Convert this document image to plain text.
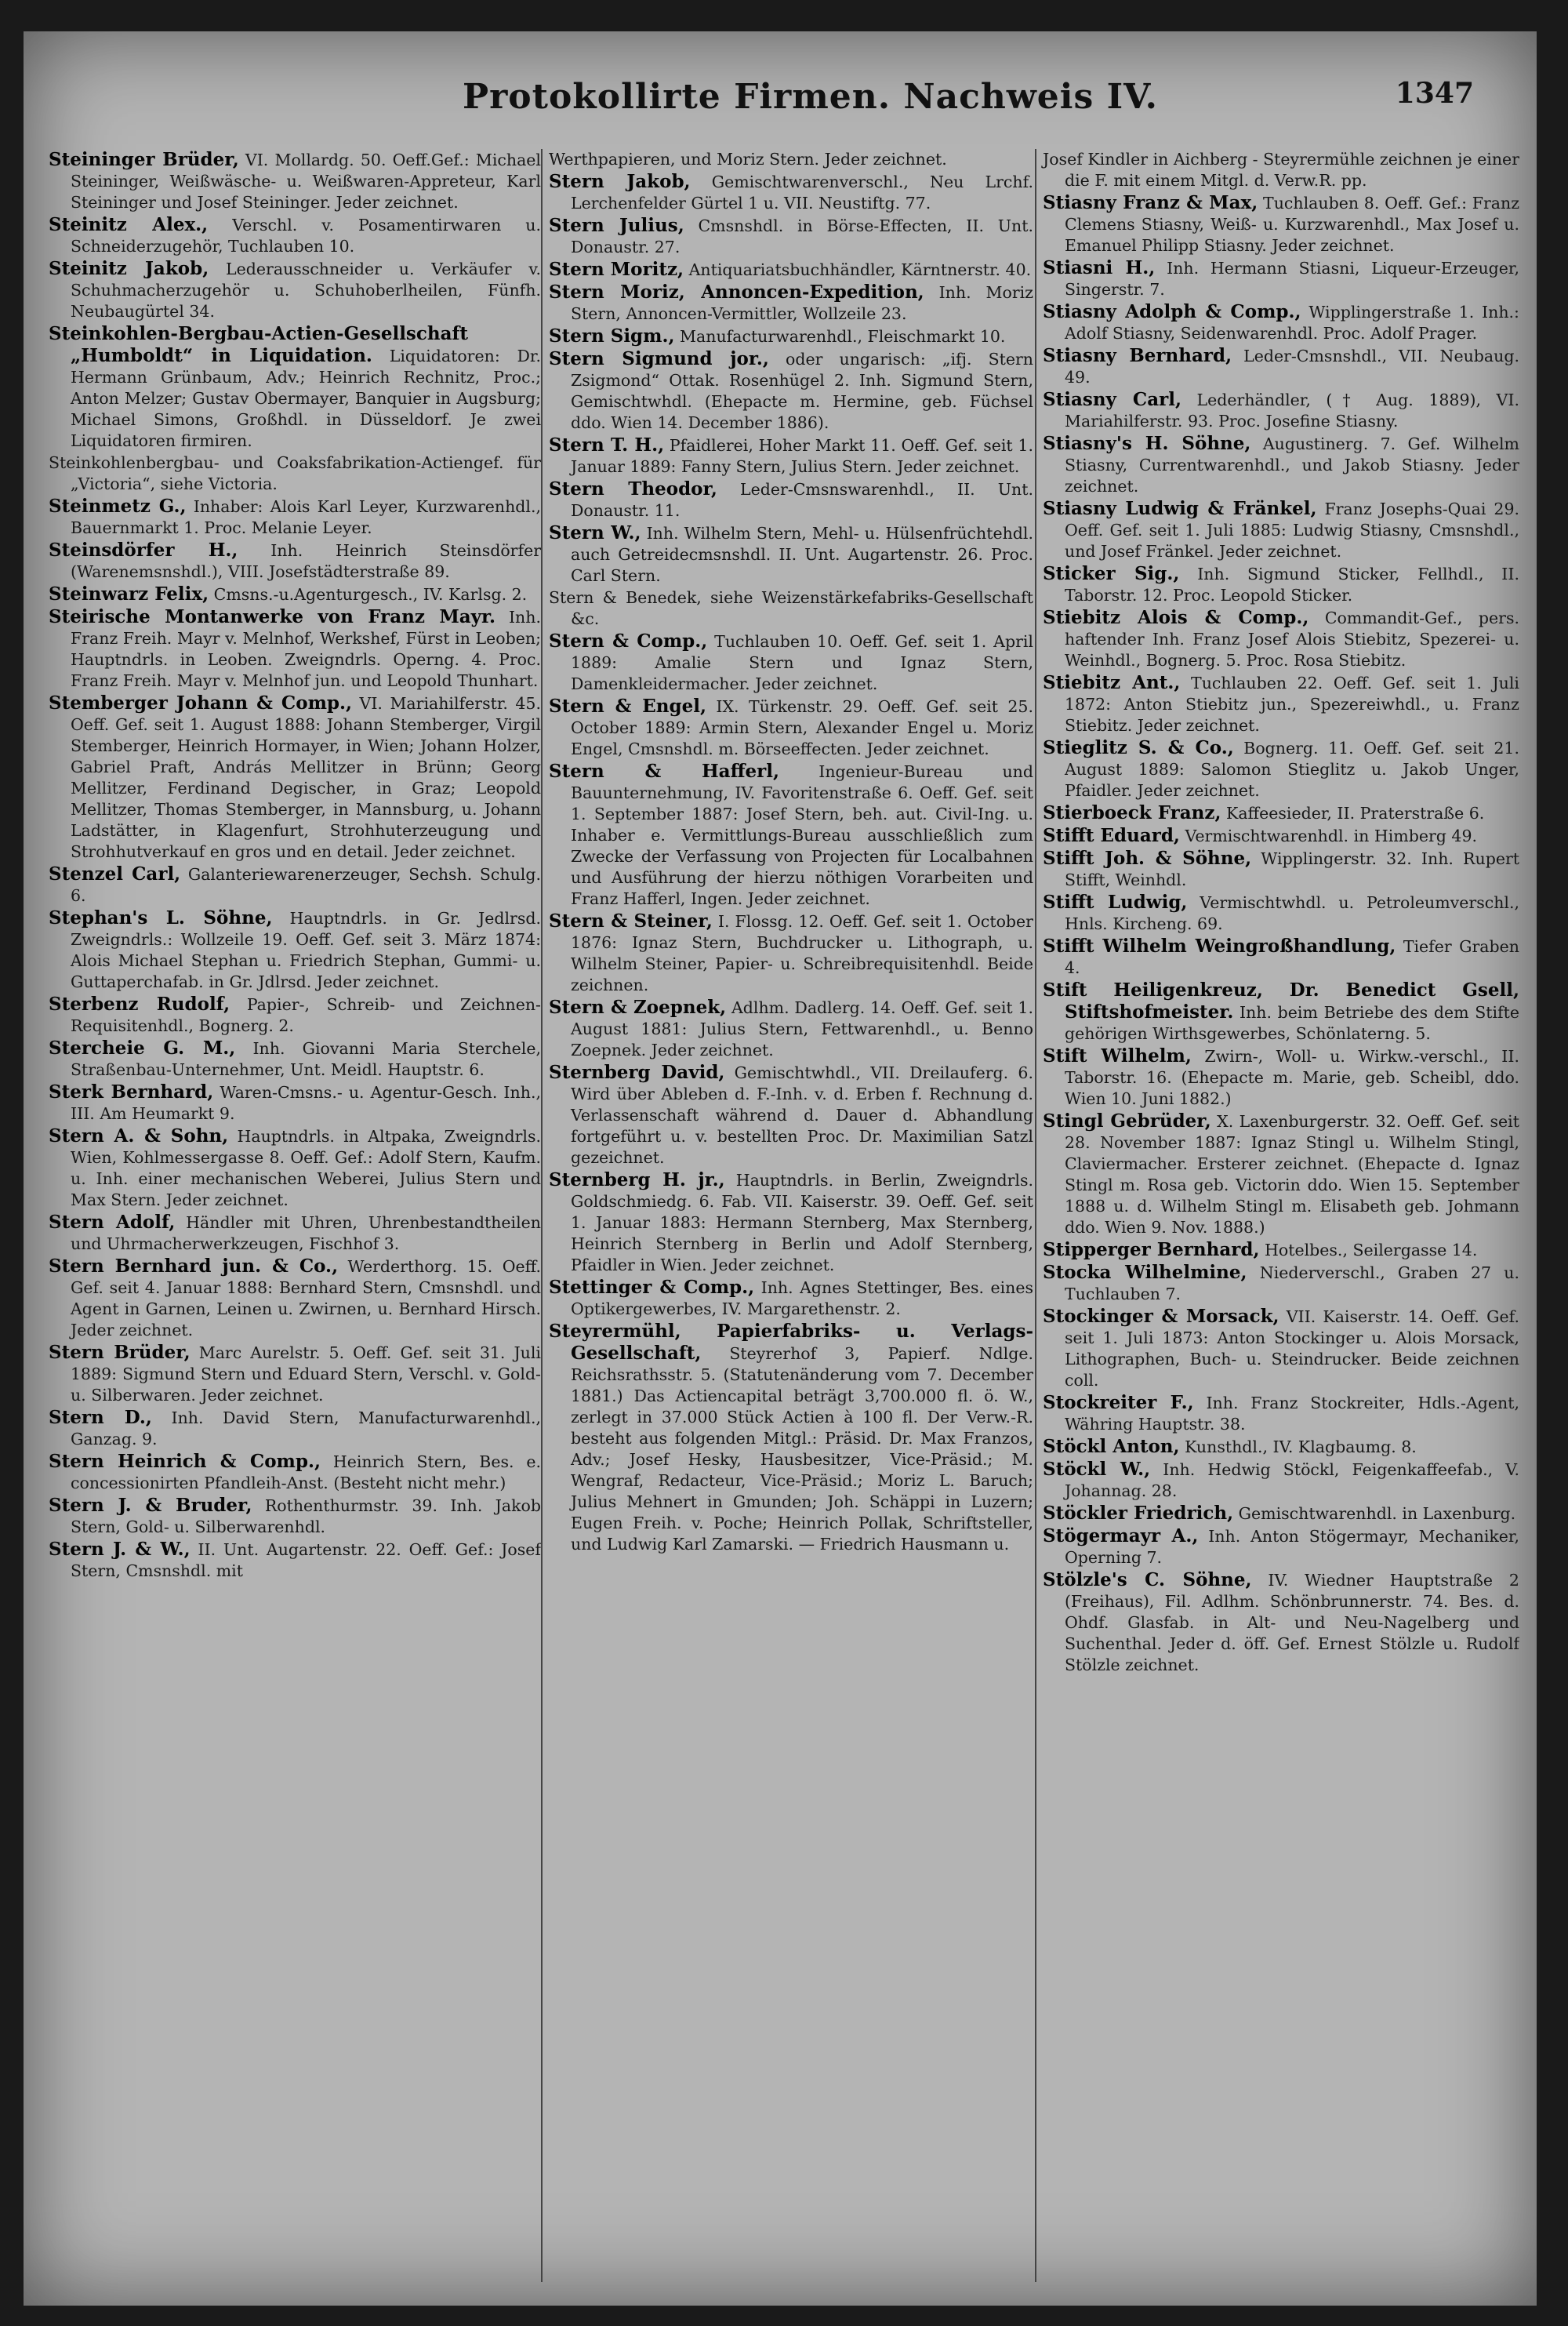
Protokollirte Firmen. Nachweis IV.	1347

Steininger Brüder, VI. Mollardg. 50. Oeff.Gef.: Michael Steininger, Weißwäsche- u. Weißwaren-Appreteur, Karl Steininger und Josef Steininger. Jeder zeichnet.

Steinitz Alex., Verschl. v. Posamentirwaren u. Schneiderzugehör, Tuchlauben 10.

Steinitz Jakob, Lederausschneider u. Verkäufer v. Schuhmacherzugehör u. Schuhoberlheilen, Fünfh. Neubaugürtel 34.

Steinkohlen-Bergbau-Actien-Gesellschaft „Humboldt“ in Liquidation. Liquidatoren: Dr. Hermann Grünbaum, Adv.; Heinrich Rechnitz, Proc.; Anton Melzer; Gustav Obermayer, Banquier in Augsburg; Michael Simons, Großhdl. in Düsseldorf. Je zwei Liquidatoren firmiren.

Steinkohlenbergbau- und Coaksfabrikation-Actiengef. für „Victoria“, siehe Victoria.

Steinmetz G., Inhaber: Alois Karl Leyer, Kurzwarenhdl., Bauernmarkt 1. Proc. Melanie Leyer.

Steinsdörfer H., Inh. Heinrich Steinsdörfer (Warenemsnshdl.), VIII. Josefstädterstraße 89.

Steinwarz Felix, Cmsns.-u.Agenturgesch., IV. Karlsg. 2.

Steirische Montanwerke von Franz Mayr. Inh. Franz Freih. Mayr v. Melnhof, Werkshef, Fürst in Leoben; Hauptndrls. in Leoben. Zweigndrls. Operng. 4. Proc. Franz Freih. Mayr v. Melnhof jun. und Leopold Thunhart.

Stemberger Johann & Comp., VI. Mariahilferstr. 45. Oeff. Gef. seit 1. August 1888: Johann Stemberger, Virgil Stemberger, Heinrich Hormayer, in Wien; Johann Holzer, Gabriel Praft, András Mellitzer in Brünn; Georg Mellitzer, Ferdinand Degischer, in Graz; Leopold Mellitzer, Thomas Stemberger, in Mannsburg, u. Johann Ladstätter, in Klagenfurt, Strohhuterzeugung und Strohhutverkauf en gros und en detail. Jeder zeichnet.

Stenzel Carl, Galanteriewarenerzeuger, Sechsh. Schulg. 6.

Stephan's L. Söhne, Hauptndrls. in Gr. Jedlrsd. Zweigndrls.: Wollzeile 19. Oeff. Gef. seit 3. März 1874: Alois Michael Stephan u. Friedrich Stephan, Gummi- u. Guttaperchafab. in Gr. Jdlrsd. Jeder zeichnet.

Sterbenz Rudolf, Papier-, Schreib- und Zeichnen-Requisitenhdl., Bognerg. 2.

Stercheie G. M., Inh. Giovanni Maria Sterchele, Straßenbau-Unternehmer, Unt. Meidl. Hauptstr. 6.

Sterk Bernhard, Waren-Cmsns.- u. Agentur-Gesch. Inh., III. Am Heumarkt 9.

Stern A. & Sohn, Hauptndrls. in Altpaka, Zweigndrls. Wien, Kohlmessergasse 8. Oeff. Gef.: Adolf Stern, Kaufm. u. Inh. einer mechanischen Weberei, Julius Stern und Max Stern. Jeder zeichnet.

Stern Adolf, Händler mit Uhren, Uhrenbestandtheilen und Uhrmacherwerkzeugen, Fischhof 3.

Stern Bernhard jun. & Co., Werderthorg. 15. Oeff. Gef. seit 4. Januar 1888: Bernhard Stern, Cmsnshdl. und Agent in Garnen, Leinen u. Zwirnen, u. Bernhard Hirsch. Jeder zeichnet.

Stern Brüder, Marc Aurelstr. 5. Oeff. Gef. seit 31. Juli 1889: Sigmund Stern und Eduard Stern, Verschl. v. Gold- u. Silberwaren. Jeder zeichnet.

Stern D., Inh. David Stern, Manufacturwarenhdl., Ganzag. 9.

Stern Heinrich & Comp., Heinrich Stern, Bes. e. concessionirten Pfandleih-Anst. (Besteht nicht mehr.)

Stern J. & Bruder, Rothenthurmstr. 39. Inh. Jakob Stern, Gold- u. Silberwarenhdl.

Stern J. & W., II. Unt. Augartenstr. 22. Oeff. Gef.: Josef Stern, Cmsnshdl. mit

Werthpapieren, und Moriz Stern. Jeder zeichnet.

Stern Jakob, Gemischtwarenverschl., Neu Lrchf. Lerchenfelder Gürtel 1 u. VII. Neustiftg. 77.

Stern Julius, Cmsnshdl. in Börse-Effecten, II. Unt. Donaustr. 27.

Stern Moritz, Antiquariatsbuchhändler, Kärntnerstr. 40.

Stern Moriz, Annoncen-Expedition, Inh. Moriz Stern, Annoncen-Vermittler, Wollzeile 23.

Stern Sigm., Manufacturwarenhdl., Fleischmarkt 10.

Stern Sigmund jor., oder ungarisch: „ifj. Stern Zsigmond“ Ottak. Rosenhügel 2. Inh. Sigmund Stern, Gemischtwhdl. (Ehepacte m. Hermine, geb. Füchsel ddo. Wien 14. December 1886).

Stern T. H., Pfaidlerei, Hoher Markt 11. Oeff. Gef. seit 1. Januar 1889: Fanny Stern, Julius Stern. Jeder zeichnet.

Stern Theodor, Leder-Cmsnswarenhdl., II. Unt. Donaustr. 11.

Stern W., Inh. Wilhelm Stern, Mehl- u. Hülsenfrüchtehdl. auch Getreidecmsnshdl. II. Unt. Augartenstr. 26. Proc. Carl Stern.

Stern & Benedek, siehe Weizenstärkefabriks-Gesellschaft &c.

Stern & Comp., Tuchlauben 10. Oeff. Gef. seit 1. April 1889: Amalie Stern und Ignaz Stern, Damenkleidermacher. Jeder zeichnet.

Stern & Engel, IX. Türkenstr. 29. Oeff. Gef. seit 25. October 1889: Armin Stern, Alexander Engel u. Moriz Engel, Cmsnshdl. m. Börseeffecten. Jeder zeichnet.

Stern & Hafferl, Ingenieur-Bureau und Bauunternehmung, IV. Favoritenstraße 6. Oeff. Gef. seit 1. September 1887: Josef Stern, beh. aut. Civil-Ing. u. Inhaber e. Vermittlungs-Bureau ausschließlich zum Zwecke der Verfassung von Projecten für Localbahnen und Ausführung der hierzu nöthigen Vorarbeiten und Franz Hafferl, Ingen. Jeder zeichnet.

Stern & Steiner, I. Flossg. 12. Oeff. Gef. seit 1. October 1876: Ignaz Stern, Buchdrucker u. Lithograph, u. Wilhelm Steiner, Papier- u. Schreibrequisitenhdl. Beide zeichnen.

Stern & Zoepnek, Adlhm. Dadlerg. 14. Oeff. Gef. seit 1. August 1881: Julius Stern, Fettwarenhdl., u. Benno Zoepnek. Jeder zeichnet.

Sternberg David, Gemischtwhdl., VII. Dreilauferg. 6. Wird über Ableben d. F.-Inh. v. d. Erben f. Rechnung d. Verlassenschaft während d. Dauer d. Abhandlung fortgeführt u. v. bestellten Proc. Dr. Maximilian Satzl gezeichnet.

Sternberg H. jr., Hauptndrls. in Berlin, Zweigndrls. Goldschmiedg. 6. Fab. VII. Kaiserstr. 39. Oeff. Gef. seit 1. Januar 1883: Hermann Sternberg, Max Sternberg, Heinrich Sternberg in Berlin und Adolf Sternberg, Pfaidler in Wien. Jeder zeichnet.

Stettinger & Comp., Inh. Agnes Stettinger, Bes. eines Optikergewerbes, IV. Margarethenstr. 2.

Steyrermühl, Papierfabriks- u. Verlags-Gesellschaft, Steyrerhof 3, Papierf. Ndlge. Reichsrathsstr. 5. (Statutenänderung vom 7. December 1881.) Das Actiencapital beträgt 3,700.000 fl. ö. W., zerlegt in 37.000 Stück Actien à 100 fl. Der Verw.-R. besteht aus folgenden Mitgl.: Präsid. Dr. Max Franzos, Adv.; Josef Hesky, Hausbesitzer, Vice-Präsid.; M. Wengraf, Redacteur, Vice-Präsid.; Moriz L. Baruch; Julius Mehnert in Gmunden; Joh. Schäppi in Luzern; Eugen Freih. v. Poche; Heinrich Pollak, Schriftsteller, und Ludwig Karl Zamarski. — Friedrich Hausmann u.

Josef Kindler in Aichberg - Steyrermühle zeichnen je einer die F. mit einem Mitgl. d. Verw.R. pp.

Stiasny Franz & Max, Tuchlauben 8. Oeff. Gef.: Franz Clemens Stiasny, Weiß- u. Kurzwarenhdl., Max Josef u. Emanuel Philipp Stiasny. Jeder zeichnet.

Stiasni H., Inh. Hermann Stiasni, Liqueur-Erzeuger, Singerstr. 7.

Stiasny Adolph & Comp., Wipplingerstraße 1. Inh.: Adolf Stiasny, Seidenwarenhdl. Proc. Adolf Prager.

Stiasny Bernhard, Leder-Cmsnshdl., VII. Neubaug. 49.

Stiasny Carl, Lederhändler, († Aug. 1889), VI. Mariahilferstr. 93. Proc. Josefine Stiasny.

Stiasny's H. Söhne, Augustinerg. 7. Gef. Wilhelm Stiasny, Currentwarenhdl., und Jakob Stiasny. Jeder zeichnet.

Stiasny Ludwig & Fränkel, Franz Josephs-Quai 29. Oeff. Gef. seit 1. Juli 1885: Ludwig Stiasny, Cmsnshdl., und Josef Fränkel. Jeder zeichnet.

Sticker Sig., Inh. Sigmund Sticker, Fellhdl., II. Taborstr. 12. Proc. Leopold Sticker.

Stiebitz Alois & Comp., Commandit-Gef., pers. haftender Inh. Franz Josef Alois Stiebitz, Spezerei- u. Weinhdl., Bognerg. 5. Proc. Rosa Stiebitz.

Stiebitz Ant., Tuchlauben 22. Oeff. Gef. seit 1. Juli 1872: Anton Stiebitz jun., Spezereiwhdl., u. Franz Stiebitz. Jeder zeichnet.

Stieglitz S. & Co., Bognerg. 11. Oeff. Gef. seit 21. August 1889: Salomon Stieglitz u. Jakob Unger, Pfaidler. Jeder zeichnet.

Stierboeck Franz, Kaffeesieder, II. Praterstraße 6.

Stifft Eduard, Vermischtwarenhdl. in Himberg 49.

Stifft Joh. & Söhne, Wipplingerstr. 32. Inh. Rupert Stifft, Weinhdl.

Stifft Ludwig, Vermischtwhdl. u. Petroleumverschl., Hnls. Kircheng. 69.

Stifft Wilhelm Weingroßhandlung, Tiefer Graben 4.

Stift Heiligenkreuz, Dr. Benedict Gsell, Stiftshofmeister. Inh. beim Betriebe des dem Stifte gehörigen Wirthsgewerbes, Schönlaterng. 5.

Stift Wilhelm, Zwirn-, Woll- u. Wirkw.-verschl., II. Taborstr. 16. (Ehepacte m. Marie, geb. Scheibl, ddo. Wien 10. Juni 1882.)

Stingl Gebrüder, X. Laxenburgerstr. 32. Oeff. Gef. seit 28. November 1887: Ignaz Stingl u. Wilhelm Stingl, Claviermacher. Ersterer zeichnet. (Ehepacte d. Ignaz Stingl m. Rosa geb. Victorin ddo. Wien 15. September 1888 u. d. Wilhelm Stingl m. Elisabeth geb. Johmann ddo. Wien 9. Nov. 1888.)

Stipperger Bernhard, Hotelbes., Seilergasse 14.

Stocka Wilhelmine, Niederverschl., Graben 27 u. Tuchlauben 7.

Stockinger & Morsack, VII. Kaiserstr. 14. Oeff. Gef. seit 1. Juli 1873: Anton Stockinger u. Alois Morsack, Lithographen, Buch- u. Steindrucker. Beide zeichnen coll.

Stockreiter F., Inh. Franz Stockreiter, Hdls.-Agent, Währing Hauptstr. 38.

Stöckl Anton, Kunsthdl., IV. Klagbaumg. 8.

Stöckl W., Inh. Hedwig Stöckl, Feigenkaffeefab., V. Johannag. 28.

Stöckler Friedrich, Gemischtwarenhdl. in Laxenburg.

Stögermayr A., Inh. Anton Stögermayr, Mechaniker, Operning 7.

Stölzle's C. Söhne, IV. Wiedner Hauptstraße 2 (Freihaus), Fil. Adlhm. Schönbrunnerstr. 74. Bes. d. Ohdf. Glasfab. in Alt- und Neu-Nagelberg und Suchenthal. Jeder d. öff. Gef. Ernest Stölzle u. Rudolf Stölzle zeichnet.
